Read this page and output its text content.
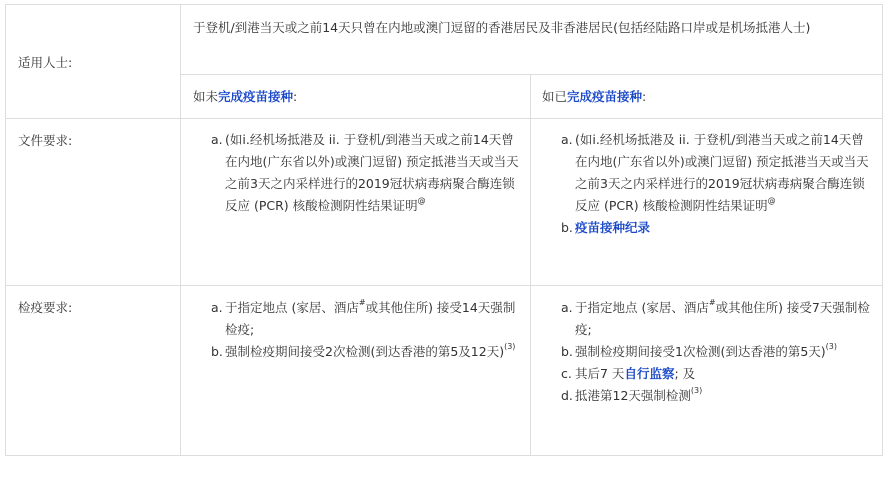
适用人士:
文件要求:
检疫要求:
于登机/到港当天或之前14天只曾在内地或澳门逗留的香港居民及非香港居民(包括经陆路口岸或是机场抵港人士)
如未完成疫苗接种:	如已完成疫苗接种:
a. (如i.经机场抵港及 ii. 于登机/到港当天或之前14天曾在内地(广东省以外)或澳门逗留) 预定抵港当天或当天之前3天之内采样进行的2019冠状病毒病聚合酶连锁反应 (PCR) 核酸检测阴性结果证明@
a. (如i.经机场抵港及 ii. 于登机/到港当天或之前14天曾在内地(广东省以外)或澳门逗留) 预定抵港当天或当天之前3天之内采样进行的2019冠状病毒病聚合酶连锁反应 (PCR) 核酸检测阴性结果证明@
b. 疫苗接种纪录
a. 于指定地点 (家居、酒店#或其他住所) 接受14天强制检疫;
b. 强制检疫期间接受2次检测(到达香港的第5及12天)$^{(3)}$
a. 于指定地点 (家居、酒店#或其他住所) 接受7天强制检疫;
b. 强制检疫期间接受1次检测(到达香港的第5天)$^{(3)}$
c. 其后7 天自行监察; 及
d. 抵港第12天强制检测$^{(3)}$
